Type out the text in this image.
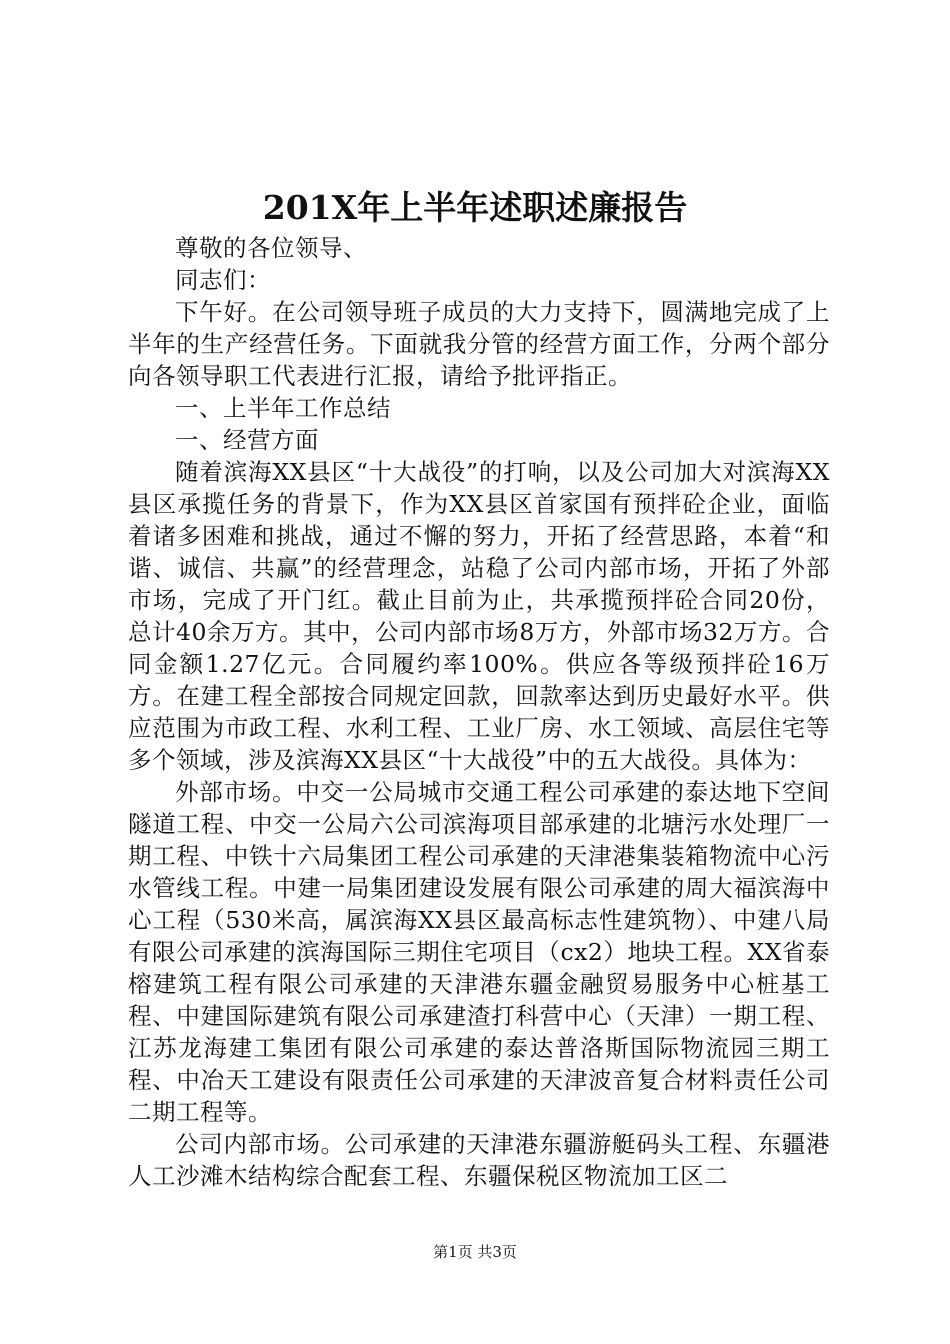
201X年上半年述职述廉报告

尊敬的各位领导、

同志们：

下午好。在公司领导班子成员的大力支持下，圆满地完成了上半年的生产经营任务。下面就我分管的经营方面工作，分两个部分向各领导职工代表进行汇报，请给予批评指正。

一、上半年工作总结

一、经营方面

随着滨海XX县区“十大战役”的打响，以及公司加大对滨海XX县区承揽任务的背景下，作为XX县区首家国有预拌砼企业，面临着诸多困难和挑战，通过不懈的努力，开拓了经营思路，本着“和谐、诚信、共赢”的经营理念，站稳了公司内部市场，开拓了外部市场，完成了开门红。截止目前为止，共承揽预拌砼合同20份，总计40余万方。其中，公司内部市场8万方，外部市场32万方。合同金额1.27亿元。合同履约率100%。供应各等级预拌砼16万方。在建工程全部按合同规定回款，回款率达到历史最好水平。供应范围为市政工程、水利工程、工业厂房、水工领域、高层住宅等多个领域，涉及滨海XX县区“十大战役”中的五大战役。具体为：

外部市场。中交一公局城市交通工程公司承建的泰达地下空间隧道工程、中交一公局六公司滨海项目部承建的北塘污水处理厂一期工程、中铁十六局集团工程公司承建的天津港集装箱物流中心污水管线工程。中建一局集团建设发展有限公司承建的周大福滨海中心工程（530米高，属滨海XX县区最高标志性建筑物）、中建八局有限公司承建的滨海国际三期住宅项目（cx2）地块工程。XX省泰榕建筑工程有限公司承建的天津港东疆金融贸易服务中心桩基工程、中建国际建筑有限公司承建渣打科营中心（天津）一期工程、江苏龙海建工集团有限公司承建的泰达普洛斯国际物流园三期工程、中冶天工建设有限责任公司承建的天津波音复合材料责任公司二期工程等。

公司内部市场。公司承建的天津港东疆游艇码头工程、东疆港人工沙滩木结构综合配套工程、东疆保税区物流加工区二

第1页 共3页
